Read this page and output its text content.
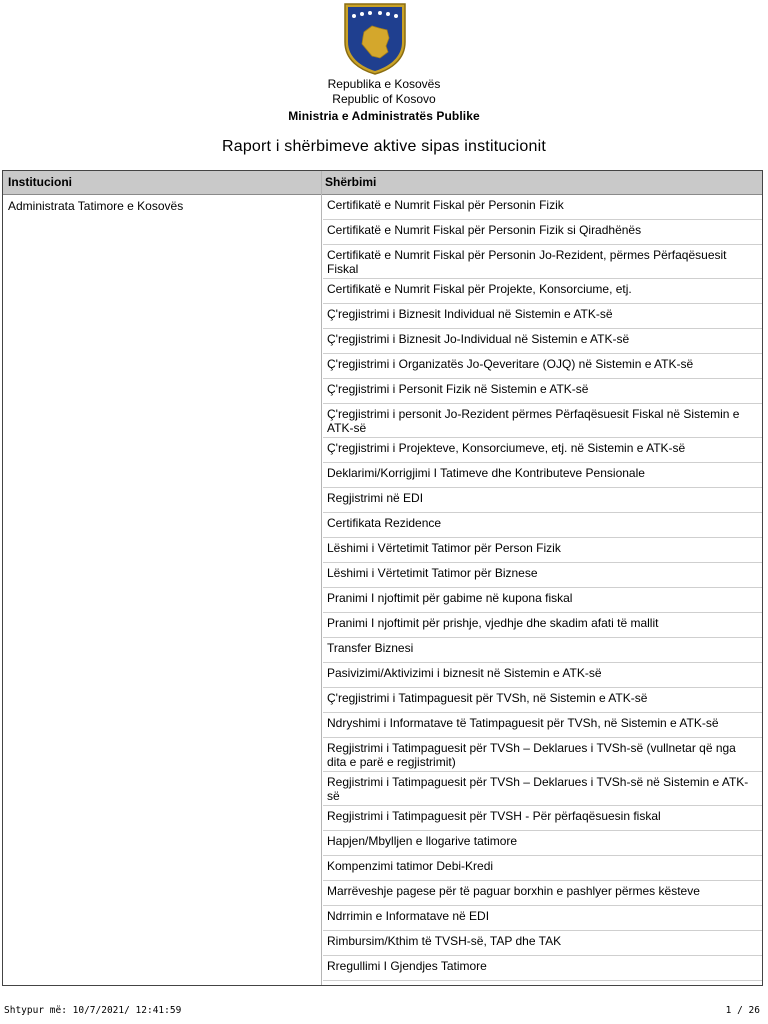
Republika e Kosovës
Republic of Kosovo
Ministria e Administratës Publike
Raport i shërbimeve aktive sipas institucionit
Institucioni	Shërbimi
Administrata Tatimore e Kosovës	Certifikatë e Numrit Fiskal për Personin Fizik
Certifikatë e Numrit Fiskal për Personin Fizik si Qiradhënës
Certifikatë e Numrit Fiskal për Personin Jo-Rezident, përmes Përfaqësuesit Fiskal
Certifikatë e Numrit Fiskal për Projekte, Konsorciume, etj.
Ç'regjistrimi i Biznesit Individual në Sistemin e ATK-së
Ç'regjistrimi i Biznesit Jo-Individual në Sistemin e ATK-së
Ç'regjistrimi i Organizatës Jo-Qeveritare (OJQ) në Sistemin e ATK-së
Ç'regjistrimi i Personit Fizik në Sistemin e ATK-së
Ç'regjistrimi i personit Jo-Rezident përmes Përfaqësuesit Fiskal në Sistemin e ATK-së
Ç'regjistrimi i Projekteve, Konsorciumeve, etj. në Sistemin e ATK-së
Deklarimi/Korrigjimi I Tatimeve dhe Kontributeve Pensionale
Regjistrimi në EDI
Certifikata Rezidence
Lëshimi i Vërtetimit Tatimor për Person Fizik
Lëshimi i Vërtetimit Tatimor për Biznese
Pranimi I njoftimit për gabime në kupona fiskal
Pranimi I njoftimit për prishje, vjedhje dhe skadim afati të mallit
Transfer Biznesi
Pasivizimi/Aktivizimi i biznesit në Sistemin e ATK-së
Ç'regjistrimi i Tatimpaguesit për TVSh, në Sistemin e ATK-së
Ndryshimi i Informatave të Tatimpaguesit për TVSh, në Sistemin e ATK-së
Regjistrimi i Tatimpaguesit për TVSh – Deklarues i TVSh-së (vullnetar që nga dita e parë e regjistrimit)
Regjistrimi i Tatimpaguesit për TVSh – Deklarues i TVSh-së në Sistemin e ATK-së
Regjistrimi i Tatimpaguesit për TVSH - Për përfaqësuesin fiskal
Hapjen/Mbylljen e llogarive tatimore
Kompenzimi tatimor Debi-Kredi
Marrëveshje pagese për të paguar borxhin e pashlyer përmes kësteve
Ndrrimin e Informatave në EDI
Rimbursim/Kthim të TVSH-së, TAP dhe TAK
Rregullimi I Gjendjes Tatimore
Shtypur më: 10/7/2021/ 12:41:59	1 / 26
